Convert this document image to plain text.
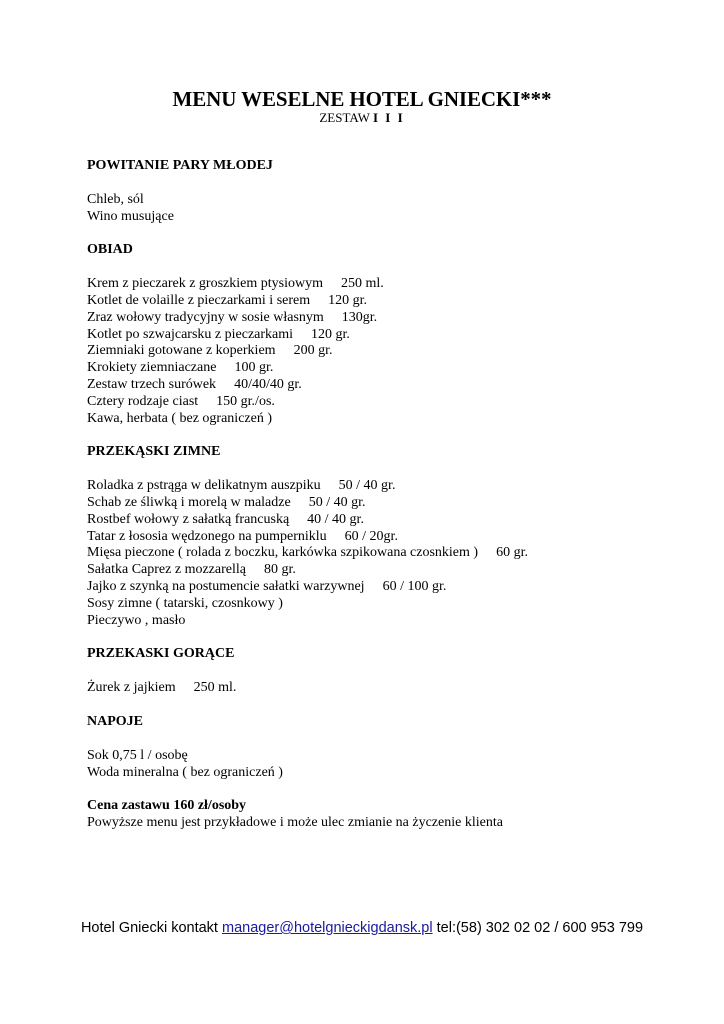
MENU WESELNE HOTEL GNIECKI***
ZESTAW I I I

POWITANIE PARY MŁODEJ

Chleb, sól
Wino musujące

OBIAD

Krem z pieczarek z groszkiem ptysiowym 250 ml.
Kotlet de volaille z pieczarkami i serem 120 gr.
Zraz wołowy tradycyjny w sosie własnym 130gr.
Kotlet po szwajcarsku z pieczarkami 120 gr.
Ziemniaki gotowane z koperkiem 200 gr.
Krokiety ziemniaczane 100 gr.
Zestaw trzech surówek 40/40/40 gr.
Cztery rodzaje ciast 150 gr./os.
Kawa, herbata ( bez ograniczeń )

PRZEKĄSKI ZIMNE

Roladka z pstrąga w delikatnym auszpiku 50 / 40 gr.
Schab ze śliwką i morelą w maladze 50 / 40 gr.
Rostbef wołowy z sałatką francuską 40 / 40 gr.
Tatar z łososia wędzonego na pumperniklu 60 / 20gr.
Mięsa pieczone ( rolada z boczku, karkówka szpikowana czosnkiem ) 60 gr.
Sałatka Caprez z mozzarellą 80 gr.
Jajko z szynką na postumencie sałatki warzywnej 60 / 100 gr.
Sosy zimne ( tatarski, czosnkowy )
Pieczywo , masło

PRZEKASKI GORĄCE

Żurek z jajkiem 250 ml.

NAPOJE

Sok 0,75 l / osobę
Woda mineralna ( bez ograniczeń )

Cena zastawu 160 zł/osoby

Powyższe menu jest przykładowe i może ulec zmianie na życzenie klienta

Hotel Gniecki kontakt manager@hotelgnieckigdansk.pl tel:(58) 302 02 02 / 600 953 799
